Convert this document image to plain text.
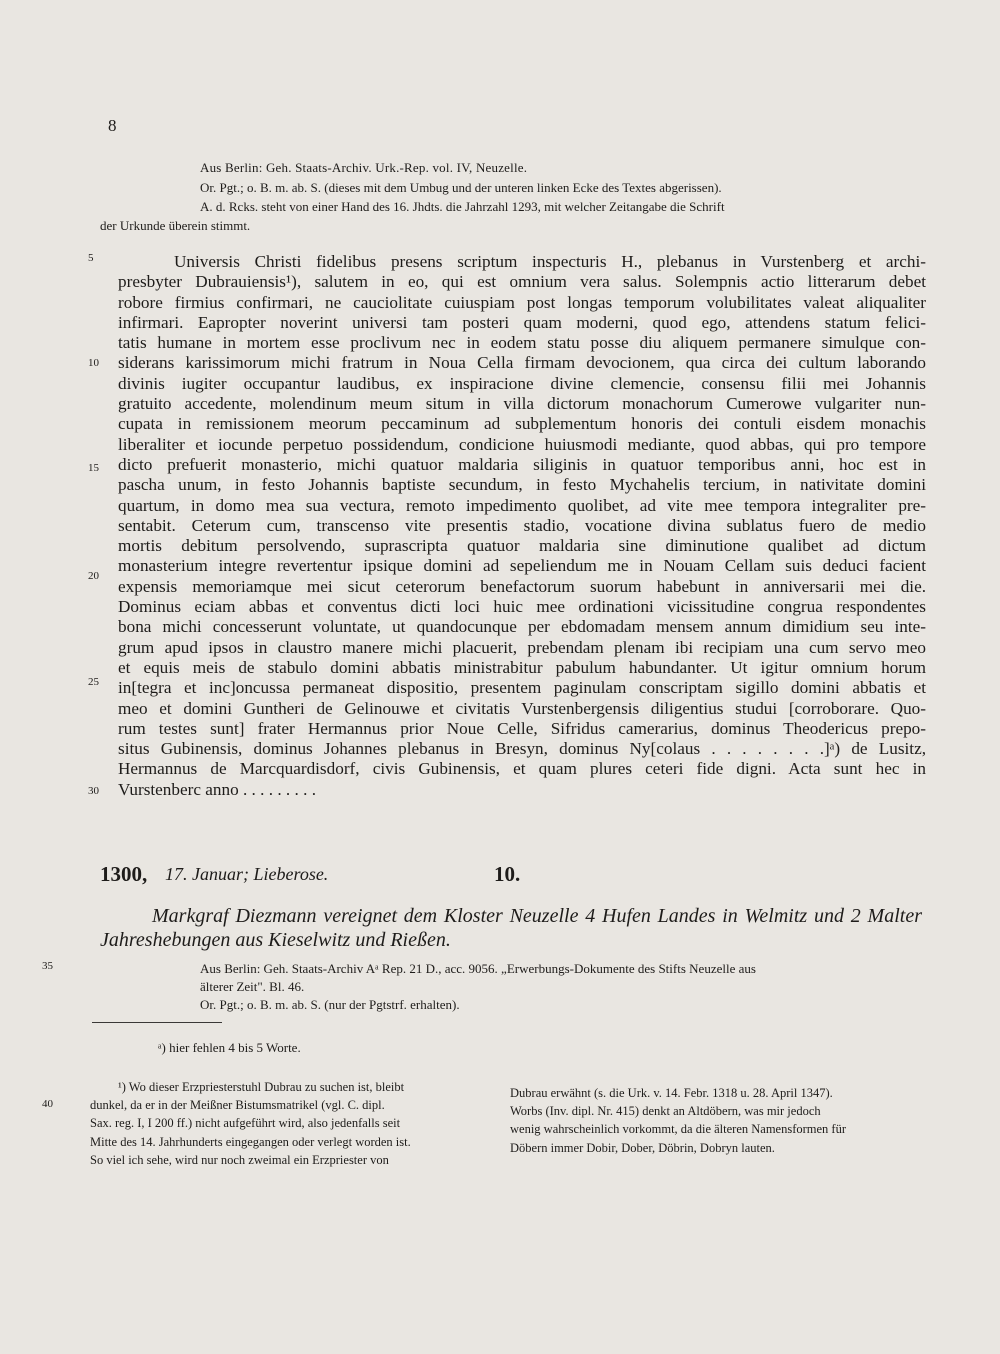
8
5
10
15
20
25
30
35
40
Aus Berlin: Geh. Staats-Archiv. Urk.-Rep. vol. IV, Neuzelle.
Or. Pgt.; o. B. m. ab. S. (dieses mit dem Umbug und der unteren linken Ecke des Textes abgerissen).
A. d. Rcks. steht von einer Hand des 16. Jhdts. die Jahrzahl 1293, mit welcher Zeitangabe die Schrift
der Urkunde überein stimmt.
Universis Christi fidelibus presens scriptum inspecturis H., plebanus in Vurstenberg et archi-
presbyter Dubrauiensis¹), salutem in eo, qui est omnium vera salus. Solempnis actio litterarum debet
robore firmius confirmari, ne cauciolitate cuiuspiam post longas temporum volubilitates valeat aliqualiter
infirmari. Eapropter noverint universi tam posteri quam moderni, quod ego, attendens statum felici-
tatis humane in mortem esse proclivum nec in eodem statu posse diu aliquem permanere simulque con-
siderans karissimorum michi fratrum in Noua Cella firmam devocionem, qua circa dei cultum laborando
divinis iugiter occupantur laudibus, ex inspiracione divine clemencie, consensu filii mei Johannis
gratuito accedente, molendinum meum situm in villa dictorum monachorum Cumerowe vulgariter nun-
cupata in remissionem meorum peccaminum ad subplementum honoris dei contuli eisdem monachis
liberaliter et iocunde perpetuo possidendum, condicione huiusmodi mediante, quod abbas, qui pro tempore
dicto prefuerit monasterio, michi quatuor maldaria siliginis in quatuor temporibus anni, hoc est in
pascha unum, in festo Johannis baptiste secundum, in festo Mychahelis tercium, in nativitate domini
quartum, in domo mea sua vectura, remoto impedimento quolibet, ad vite mee tempora integraliter pre-
sentabit. Ceterum cum, transcenso vite presentis stadio, vocatione divina sublatus fuero de medio
mortis debitum persolvendo, suprascripta quatuor maldaria sine diminutione qualibet ad dictum
monasterium integre revertentur ipsique domini ad sepeliendum me in Nouam Cellam suis deduci facient
expensis memoriamque mei sicut ceterorum benefactorum suorum habebunt in anniversarii mei die.
Dominus eciam abbas et conventus dicti loci huic mee ordinationi vicissitudine congrua respondentes
bona michi concesserunt voluntate, ut quandocunque per ebdomadam mensem annum dimidium seu inte-
grum apud ipsos in claustro manere michi placuerit, prebendam plenam ibi recipiam una cum servo meo
et equis meis de stabulo domini abbatis ministrabitur pabulum habundanter. Ut igitur omnium horum
in[tegra et inc]oncussa permaneat dispositio, presentem paginulam conscriptam sigillo domini abbatis et
meo et domini Guntheri de Gelinouwe et civitatis Vurstenbergensis diligentius studui [corroborare. Quo-
rum testes sunt] frater Hermannus prior Noue Celle, Sifridus camerarius, dominus Theodericus prepo-
situs Gubinensis, dominus Johannes plebanus in Bresyn, dominus Ny[colaus . . . . . . . .]ᵃ) de Lusitz,
Hermannus de Marcquardisdorf, civis Gubinensis, et quam plures ceteri fide digni. Acta sunt hec in
Vurstenberc anno . . . . . . . . .
1300, 17. Januar; Lieberose.	10.
Markgraf Diezmann vereignet dem Kloster Neuzelle 4 Hufen Landes in Welmitz und 2 Malter
Jahreshebungen aus Kieselwitz und Rießen.
Aus Berlin: Geh. Staats-Archiv Aᵃ Rep. 21 D., acc. 9056. „Erwerbungs-Dokumente des Stifts Neuzelle aus
älterer Zeit". Bl. 46.
Or. Pgt.; o. B. m. ab. S. (nur der Pgtstrf. erhalten).
ᵃ) hier fehlen 4 bis 5 Worte.
¹) Wo dieser Erzpriesterstuhl Dubrau zu suchen ist, bleibt
dunkel, da er in der Meißner Bistumsmatrikel (vgl. C. dipl.
Sax. reg. I, I 200 ff.) nicht aufgeführt wird, also jedenfalls seit
Mitte des 14. Jahrhunderts eingegangen oder verlegt worden ist.
So viel ich sehe, wird nur noch zweimal ein Erzpriester von
Dubrau erwähnt (s. die Urk. v. 14. Febr. 1318 u. 28. April 1347).
Worbs (Inv. dipl. Nr. 415) denkt an Altdöbern, was mir jedoch
wenig wahrscheinlich vorkommt, da die älteren Namensformen für
Döbern immer Dobir, Dober, Döbrin, Dobryn lauten.
